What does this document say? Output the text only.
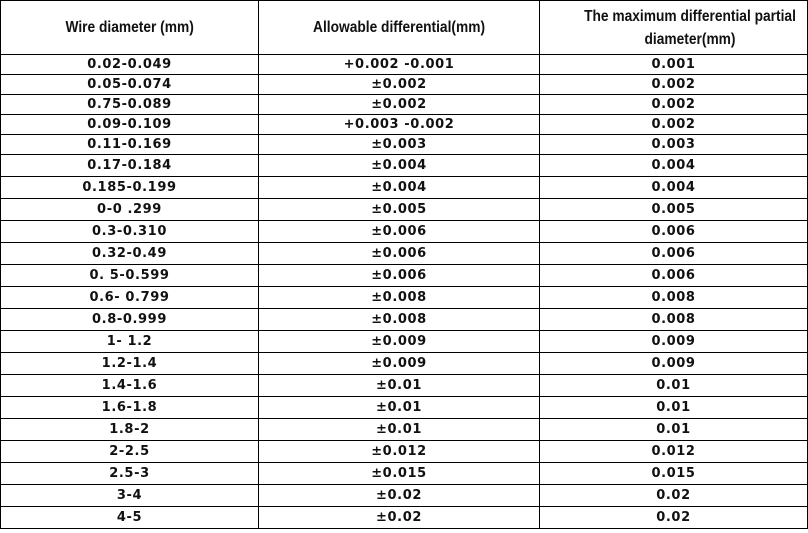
Wire diameter (mm)	Allowable differential(mm)	The maximum differential partial diameter(mm)
0.02-0.049	+0.002 -0.001	0.001
0.05-0.074	±0.002	0.002
0.75-0.089	±0.002	0.002
0.09-0.109	+0.003 -0.002	0.002
0.11-0.169	±0.003	0.003
0.17-0.184	±0.004	0.004
0.185-0.199	±0.004	0.004
0-0 .299	±0.005	0.005
0.3-0.310	±0.006	0.006
0.32-0.49	±0.006	0.006
0. 5-0.599	±0.006	0.006
0.6- 0.799	±0.008	0.008
0.8-0.999	±0.008	0.008
1- 1.2	±0.009	0.009
1.2-1.4	±0.009	0.009
1.4-1.6	±0.01	0.01
1.6-1.8	±0.01	0.01
1.8-2	±0.01	0.01
2-2.5	±0.012	0.012
2.5-3	±0.015	0.015
3-4	±0.02	0.02
4-5	±0.02	0.02
